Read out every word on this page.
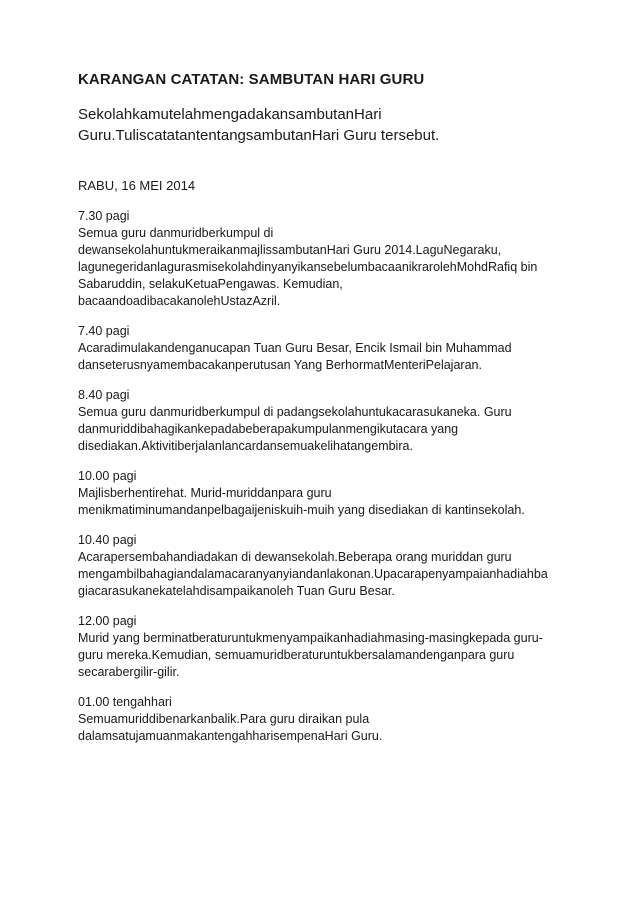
KARANGAN CATATAN: SAMBUTAN HARI GURU
SekolahkamutelahmengadakansambutanHari
Guru.TuliscatatantentangsambutanHari Guru tersebut.
RABU, 16 MEI 2014
7.30 pagi
Semua guru danmuridberkumpul di
dewansekolahuntukmeraikanmajlissambutanHari Guru 2014.LaguNegaraku,
lagunegeridanlagurasmisekolahdinyanyikansebelumbacaanikrarolehMohdRafiq bin
Sabaruddin, selakuKetuaPengawas. Kemudian,
bacaandoadibacakanolehUstazAzril.
7.40 pagi
Acaradimulakandenganucapan Tuan Guru Besar, Encik Ismail bin Muhammad
danseterusnyamembacakanperutusan Yang BerhormatMenteriPelajaran.
8.40 pagi
Semua guru danmuridberkumpul di padangsekolahuntukacarasukaneka. Guru
danmuriddibahagikankepadabeberapakumpulanmengikutacara yang
disediakan.Aktivitiberjalanlancardansemuakelihatangembira.
10.00 pagi
Majlisberhentirehat. Murid-muriddanpara guru
menikmatiminumandanpelbagaijeniskuih-muih yang disediakan di kantinsekolah.
10.40 pagi
Acarapersembahandiadakan di dewansekolah.Beberapa orang muriddan guru
mengambilbahagiandalamacaranyanyiandanlakonan.Upacarapenyampaianhadiahba
giacarasukanekatelahdisampaikanoleh Tuan Guru Besar.
12.00 pagi
Murid yang berminatberaturuntukmenyampaikanhadiahmasing-masingkepada guru-
guru mereka.Kemudian, semuamuridberaturuntukbersalamandenganpara guru
secarabergilir-gilir.
01.00 tengahhari
Semuamuriddibenarkanbalik.Para guru diraikan pula
dalamsatujamuanmakantengahharisempenaHari Guru.
